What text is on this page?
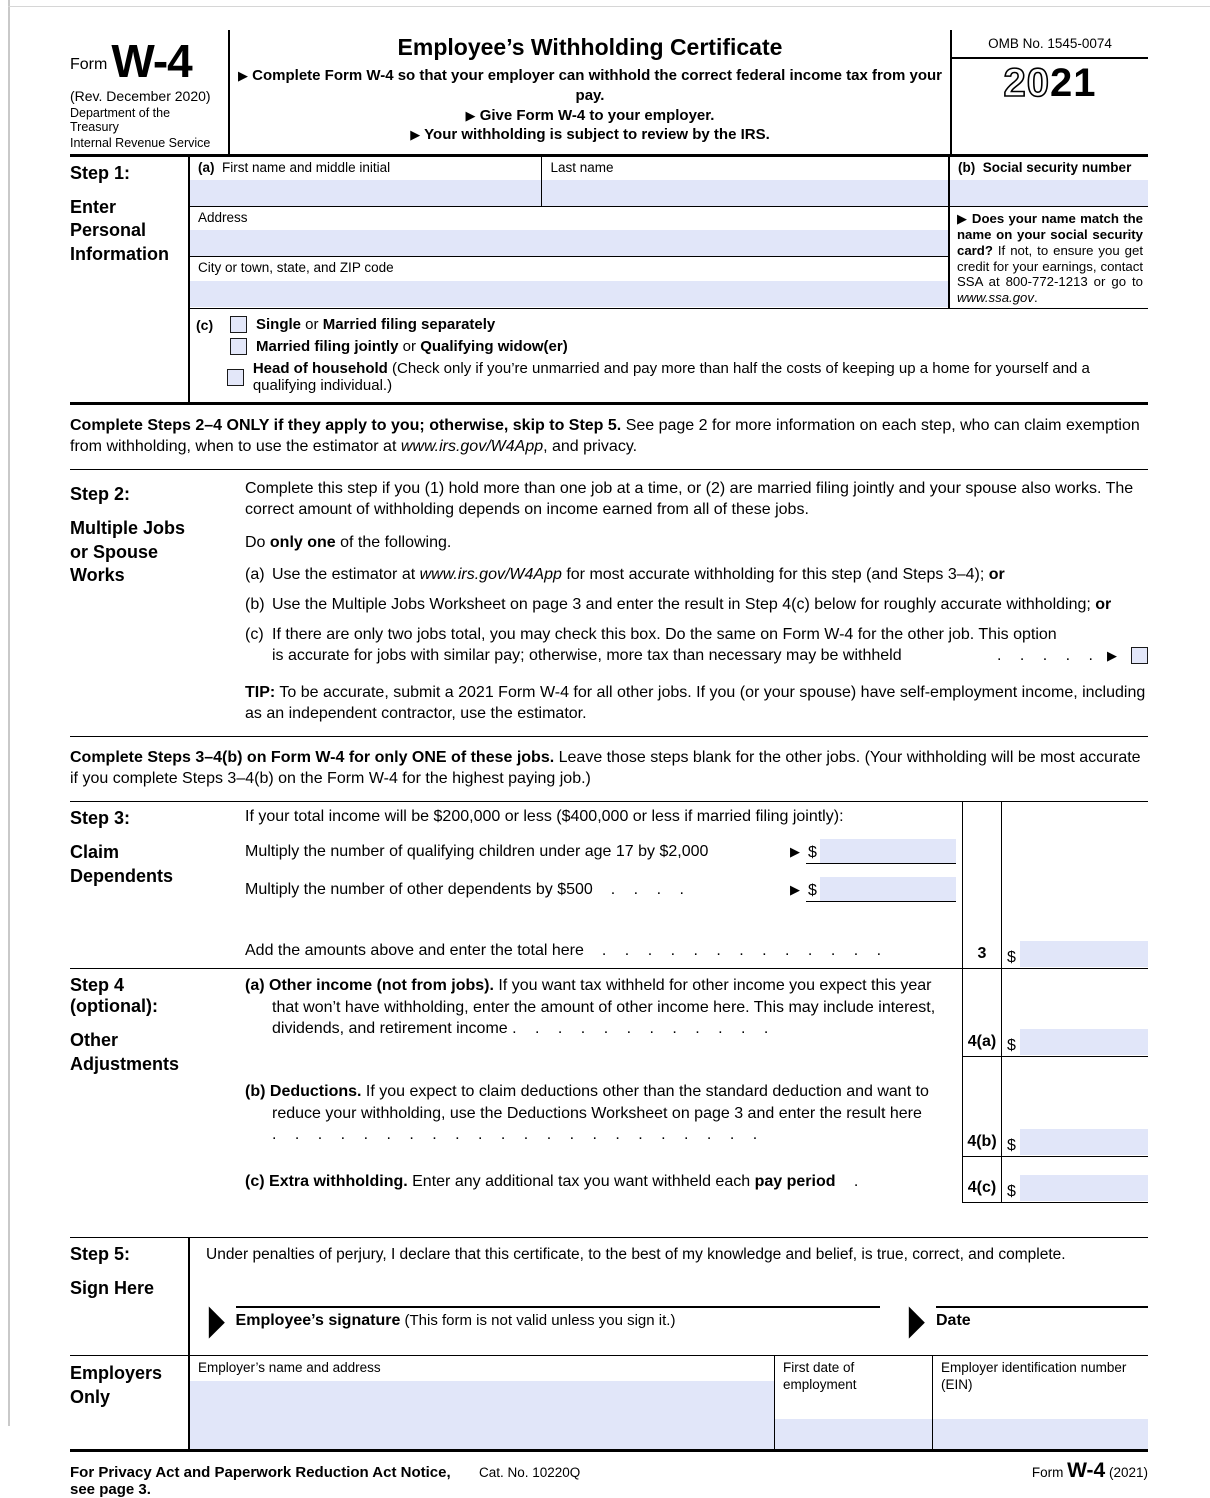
FormW-4
(Rev. December 2020)
Department of the Treasury
Internal Revenue Service
Employee’s Withholding Certificate
▶ Complete Form W-4 so that your employer can withhold the correct federal income tax from your pay.
▶ Give Form W-4 to your employer.
▶ Your withholding is subject to review by the IRS.
OMB No. 1545-0074
2021
Step 1:
Enter Personal Information
(a) First name and middle initial	Last name
Address
City or town, state, and ZIP code
(b) Social security number
▶ Does your name match the name on your social security card? If not, to ensure you get credit for your earnings, contact SSA at 800-772-1213 or go to www.ssa.gov.
(c)	Single or Married filing separately
Married filing jointly or Qualifying widow(er)
Head of household (Check only if you’re unmarried and pay more than half the costs of keeping up a home for yourself and a qualifying individual.)
Complete Steps 2–4 ONLY if they apply to you; otherwise, skip to Step 5. See page 2 for more information on each step, who can claim exemption from withholding, when to use the estimator at www.irs.gov/W4App, and privacy.
Step 2:
Multiple Jobs or Spouse Works

Complete this step if you (1) hold more than one job at a time, or (2) are married filing jointly and your spouse also works. The correct amount of withholding depends on income earned from all of these jobs.

Do only one of the following.

(a) Use the estimator at www.irs.gov/W4App for most accurate withholding for this step (and Steps 3–4); or
(b) Use the Multiple Jobs Worksheet on page 3 and enter the result in Step 4(c) below for roughly accurate withholding; or
(c) If there are only two jobs total, you may check this box. Do the same on Form W-4 for the other job. This option
is accurate for jobs with similar pay; otherwise, more tax than necessary may be withheld	. . . . . ▶
TIP: To be accurate, submit a 2021 Form W-4 for all other jobs. If you (or your spouse) have self-employment income, including as an independent contractor, use the estimator.
Complete Steps 3–4(b) on Form W-4 for only ONE of these jobs. Leave those steps blank for the other jobs. (Your withholding will be most accurate if you complete Steps 3–4(b) on the Form W-4 for the highest paying job.)
Step 3:
Claim Dependents
If your total income will be $200,000 or less ($400,000 or less if married filing jointly):
Multiply the number of qualifying children under age 17 by $2,000	▶ $
Multiply the number of other dependents by $500 . . . .	▶ $
Add the amounts above and enter the total here . . . . . . . . . . . . .	3	$
Step 4 (optional):
Other Adjustments
(a) Other income (not from jobs). If you want tax withheld for other income you expect this year that won’t have withholding, enter the amount of other income here. This may include interest, dividends, and retirement income . . . . . . . . . . . .
4(a) $
(b) Deductions. If you expect to claim deductions other than the standard deduction and want to reduce your withholding, use the Deductions Worksheet on page 3 and enter the result here . . . . . . . . . . . . . . . . . . . . . .	4(b) $
(c) Extra withholding. Enter any additional tax you want withheld each pay period .	4(c) $
Step 5:
Sign Here
Under penalties of perjury, I declare that this certificate, to the best of my knowledge and belief, is true, correct, and complete.
▶ Employee’s signature (This form is not valid unless you sign it.)	▶ Date
Employers Only
Employer’s name and address	First date of employment
Employer identification number (EIN)
For Privacy Act and Paperwork Reduction Act Notice, see page 3.
Cat. No. 10220Q	Form W-4 (2021)
